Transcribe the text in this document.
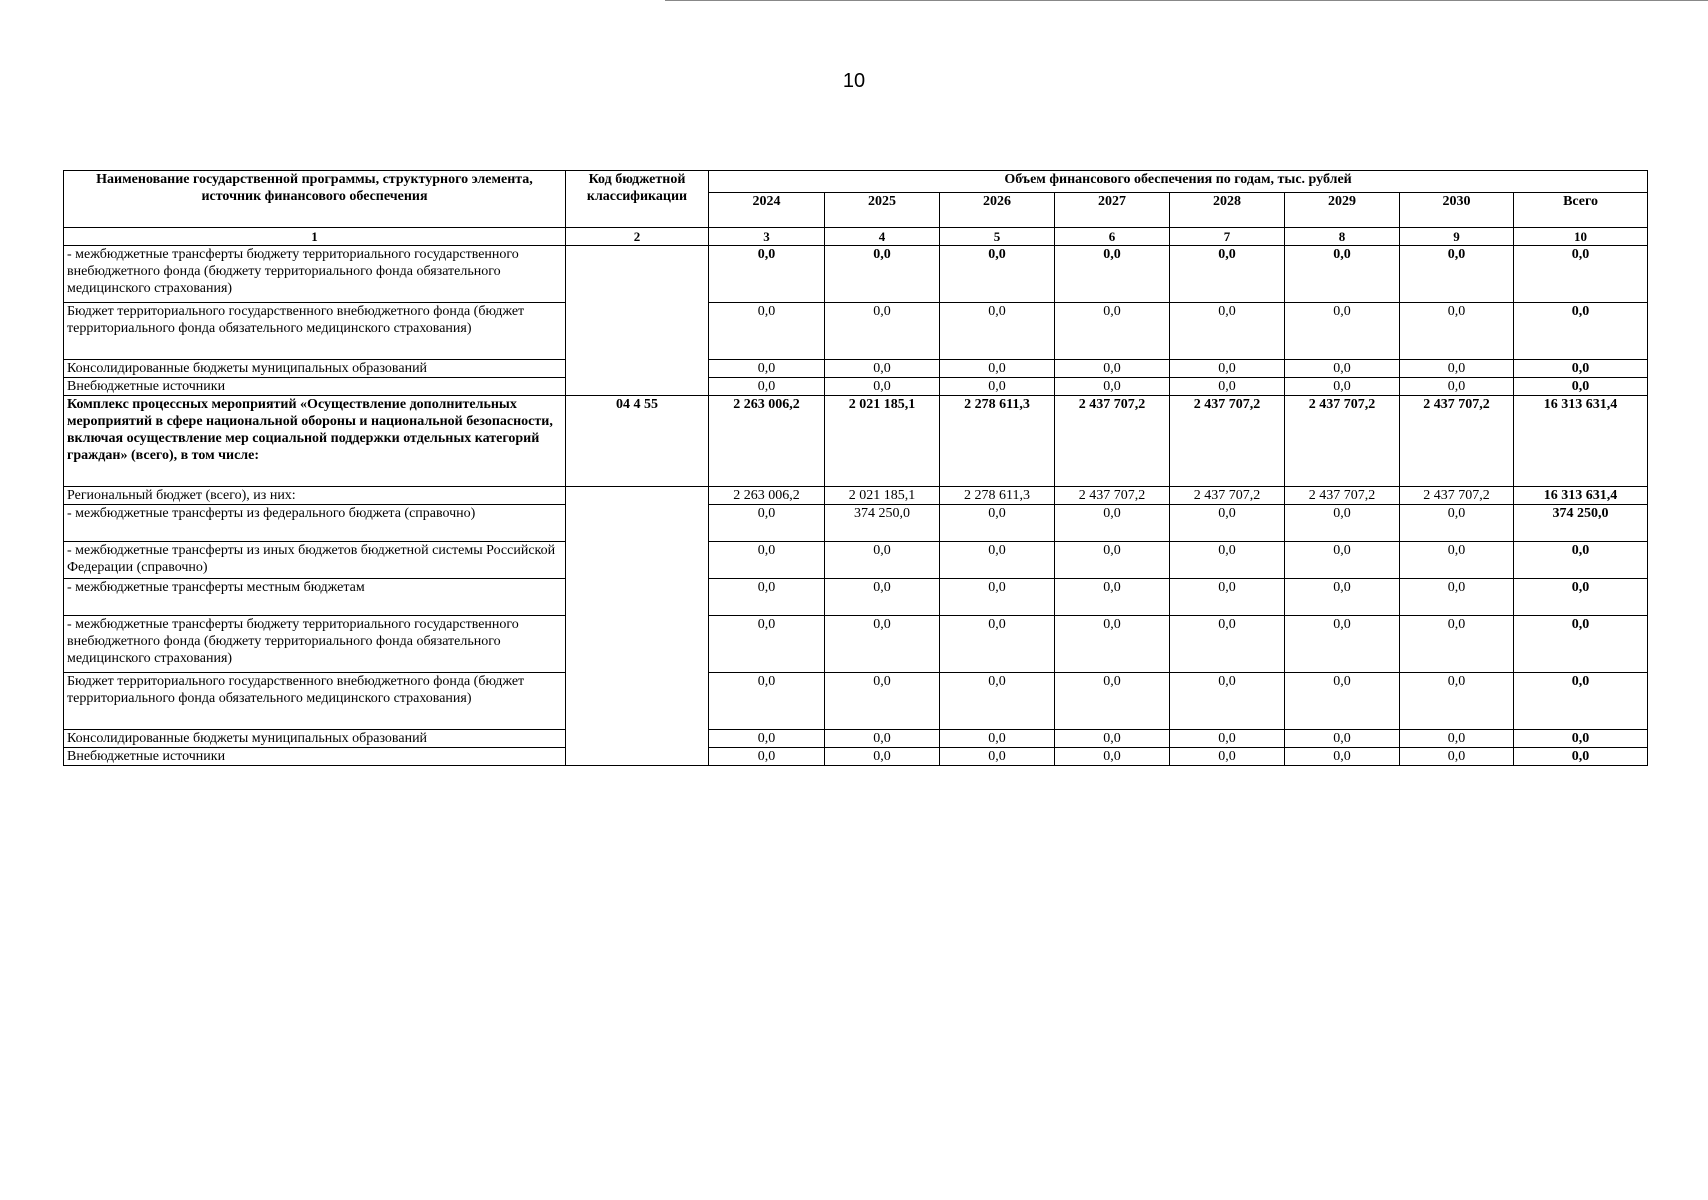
10
Наименование государственной программы, структурного элемента, источник финансового обеспечения	Код бюджетной классификации	Объем финансового обеспечения по годам, тыс. рублей							
		2024	2025	2026	2027	2028	2029	2030	Всего
1	2	3	4	5	6	7	8	9	10
- межбюджетные трансферты бюджету территориального государственного внебюджетного фонда (бюджету территориального фонда обязательного медицинского страхования)		0,0	0,0	0,0	0,0	0,0	0,0	0,0	0,0
Бюджет территориального государственного внебюджетного фонда (бюджет территориального фонда обязательного медицинского страхования)		0,0	0,0	0,0	0,0	0,0	0,0	0,0	0,0
Консолидированные бюджеты муниципальных образований		0,0	0,0	0,0	0,0	0,0	0,0	0,0	0,0
Внебюджетные источники		0,0	0,0	0,0	0,0	0,0	0,0	0,0	0,0
Комплекс процессных мероприятий «Осуществление дополнительных мероприятий в сфере национальной обороны и национальной безопасности, включая осуществление мер социальной поддержки отдельных категорий граждан» (всего), в том числе:	04 4 55	2 263 006,2	2 021 185,1	2 278 611,3	2 437 707,2	2 437 707,2	2 437 707,2	2 437 707,2	16 313 631,4
Региональный бюджет (всего), из них:		2 263 006,2	2 021 185,1	2 278 611,3	2 437 707,2	2 437 707,2	2 437 707,2	2 437 707,2	16 313 631,4
- межбюджетные трансферты из федерального бюджета (справочно)		0,0	374 250,0	0,0	0,0	0,0	0,0	0,0	374 250,0
- межбюджетные трансферты из иных бюджетов бюджетной системы Российской Федерации (справочно)		0,0	0,0	0,0	0,0	0,0	0,0	0,0	0,0
- межбюджетные трансферты местным бюджетам		0,0	0,0	0,0	0,0	0,0	0,0	0,0	0,0
- межбюджетные трансферты бюджету территориального государственного внебюджетного фонда (бюджету территориального фонда обязательного медицинского страхования)		0,0	0,0	0,0	0,0	0,0	0,0	0,0	0,0
Бюджет территориального государственного внебюджетного фонда (бюджет территориального фонда обязательного медицинского страхования)		0,0	0,0	0,0	0,0	0,0	0,0	0,0	0,0
Консолидированные бюджеты муниципальных образований		0,0	0,0	0,0	0,0	0,0	0,0	0,0	0,0
Внебюджетные источники		0,0	0,0	0,0	0,0	0,0	0,0	0,0	0,0
